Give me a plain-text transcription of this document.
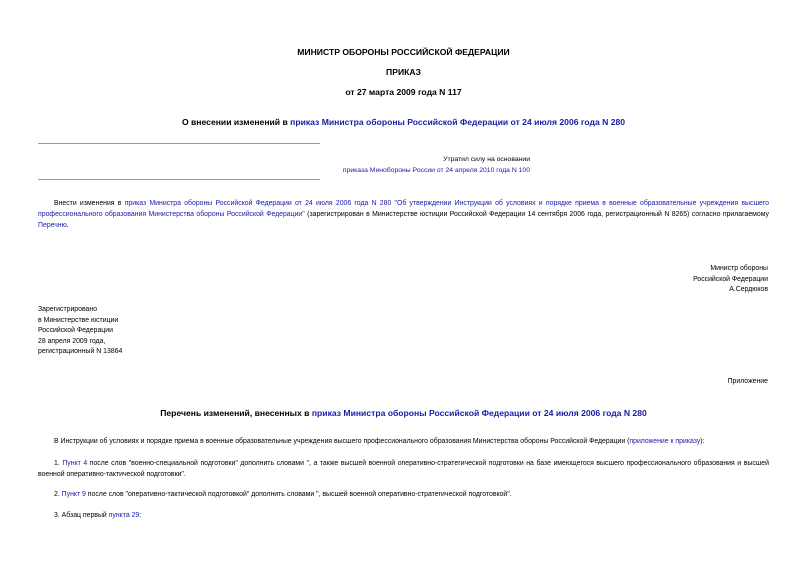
МИНИСТР ОБОРОНЫ РОССИЙСКОЙ ФЕДЕРАЦИИ
ПРИКАЗ
от 27 марта 2009 года N 117
О внесении изменений в приказ Министра обороны Российской Федерации от 24 июля 2006 года N 280
Утратил силу на основании
приказа Минобороны России от 24 апреля 2010 года N 100
Внести изменения в приказ Министра обороны Российской Федерации от 24 июля 2006 года N 280 "Об утверждении Инструкции об условиях и порядке приема в военные образовательные учреждения высшего профессионального образования Министерства обороны Российской Федерации" (зарегистрирован в Министерстве юстиции Российской Федерации 14 сентября 2006 года, регистрационный N 8265) согласно прилагаемому Перечню.
Министр обороны
Российской Федерации
А.Сердюков
Зарегистрировано
в Министерстве юстиции
Российской Федерации
28 апреля 2009 года,
регистрационный N 13864
Приложение
Перечень изменений, внесенных в приказ Министра обороны Российской Федерации от 24 июля 2006 года N 280
В Инструкции об условиях и порядке приема в военные образовательные учреждения высшего профессионального образования Министерства обороны Российской Федерации (приложение к приказу):
1. Пункт 4 после слов "военно-специальной подготовки" дополнить словами ", а также высшей военной оперативно-стратегической подготовки на базе имеющегося высшего профессионального образования и высшей военной оперативно-тактической подготовки".
2. Пункт 9 после слов "оперативно-тактической подготовкой" дополнить словами ", высшей военной оперативно-стратегической подготовкой".
3. Абзац первый пункта 29:
